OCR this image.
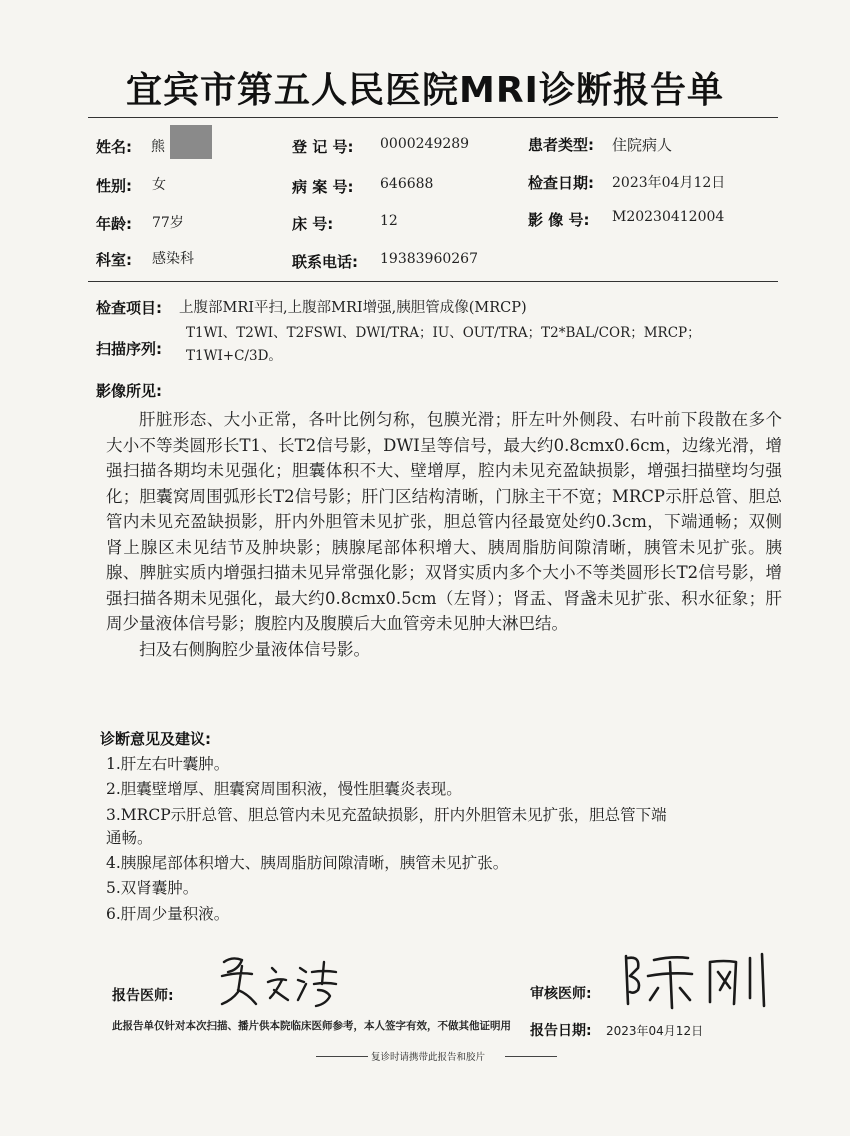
宜宾市第五人民医院MRI诊断报告单
姓名: 熊	登 记 号: 0000249289	患者类型: 住院病人
性别: 女	病 案 号: 646688	检查日期: 2023年04月12日
年龄: 77岁	床 号:	12	影 像 号: M20230412004
科室: 感染科	联系电话: 19383960267
检查项目: 上腹部MRI平扫,上腹部MRI增强,胰胆管成像(MRCP)
扫描序列:
T1WI、T2WI、T2FSWI、DWI/TRA；IU、OUT/TRA；T2*BAL/COR；MRCP；
T1WI+C/3D。
影像所见:

肝脏形态、大小正常，各叶比例匀称，包膜光滑；肝左叶外侧段、右叶前下段散在多个大小不等类圆形长T1、长T2信号影，DWI呈等信号，最大约0.8cmx0.6cm，边缘光滑，增强扫描各期均未见强化；胆囊体积不大、壁增厚，腔内未见充盈缺损影，增强扫描壁均匀强化；胆囊窝周围弧形长T2信号影；肝门区结构清晰，门脉主干不宽；MRCP示肝总管、胆总管内未见充盈缺损影，肝内外胆管未见扩张，胆总管内径最宽处约0.3cm，下端通畅；双侧肾上腺区未见结节及肿块影；胰腺尾部体积增大、胰周脂肪间隙清晰，胰管未见扩张。胰腺、脾脏实质内增强扫描未见异常强化影；双肾实质内多个大小不等类圆形长T2信号影，增强扫描各期未见强化，最大约0.8cmx0.5cm（左肾）；肾盂、肾盏未见扩张、积水征象；肝周少量液体信号影；腹腔内及腹膜后大血管旁未见肿大淋巴结。

扫及右侧胸腔少量液体信号影。

诊断意见及建议:
1.肝左右叶囊肿。
2.胆囊壁增厚、胆囊窝周围积液，慢性胆囊炎表现。
3.MRCP示肝总管、胆总管内未见充盈缺损影，肝内外胆管未见扩张，胆总管下端
通畅。
4.胰腺尾部体积增大、胰周脂肪间隙清晰，胰管未见扩张。
5.双肾囊肿。
6.肝周少量积液。
报告医师:	审核医师:
此报告单仅针对本次扫描、播片供本院临床医师参考，本人签字有效，不做其他证明用 报告日期: 2023年04月12日
复诊时请携带此报告和胶片
